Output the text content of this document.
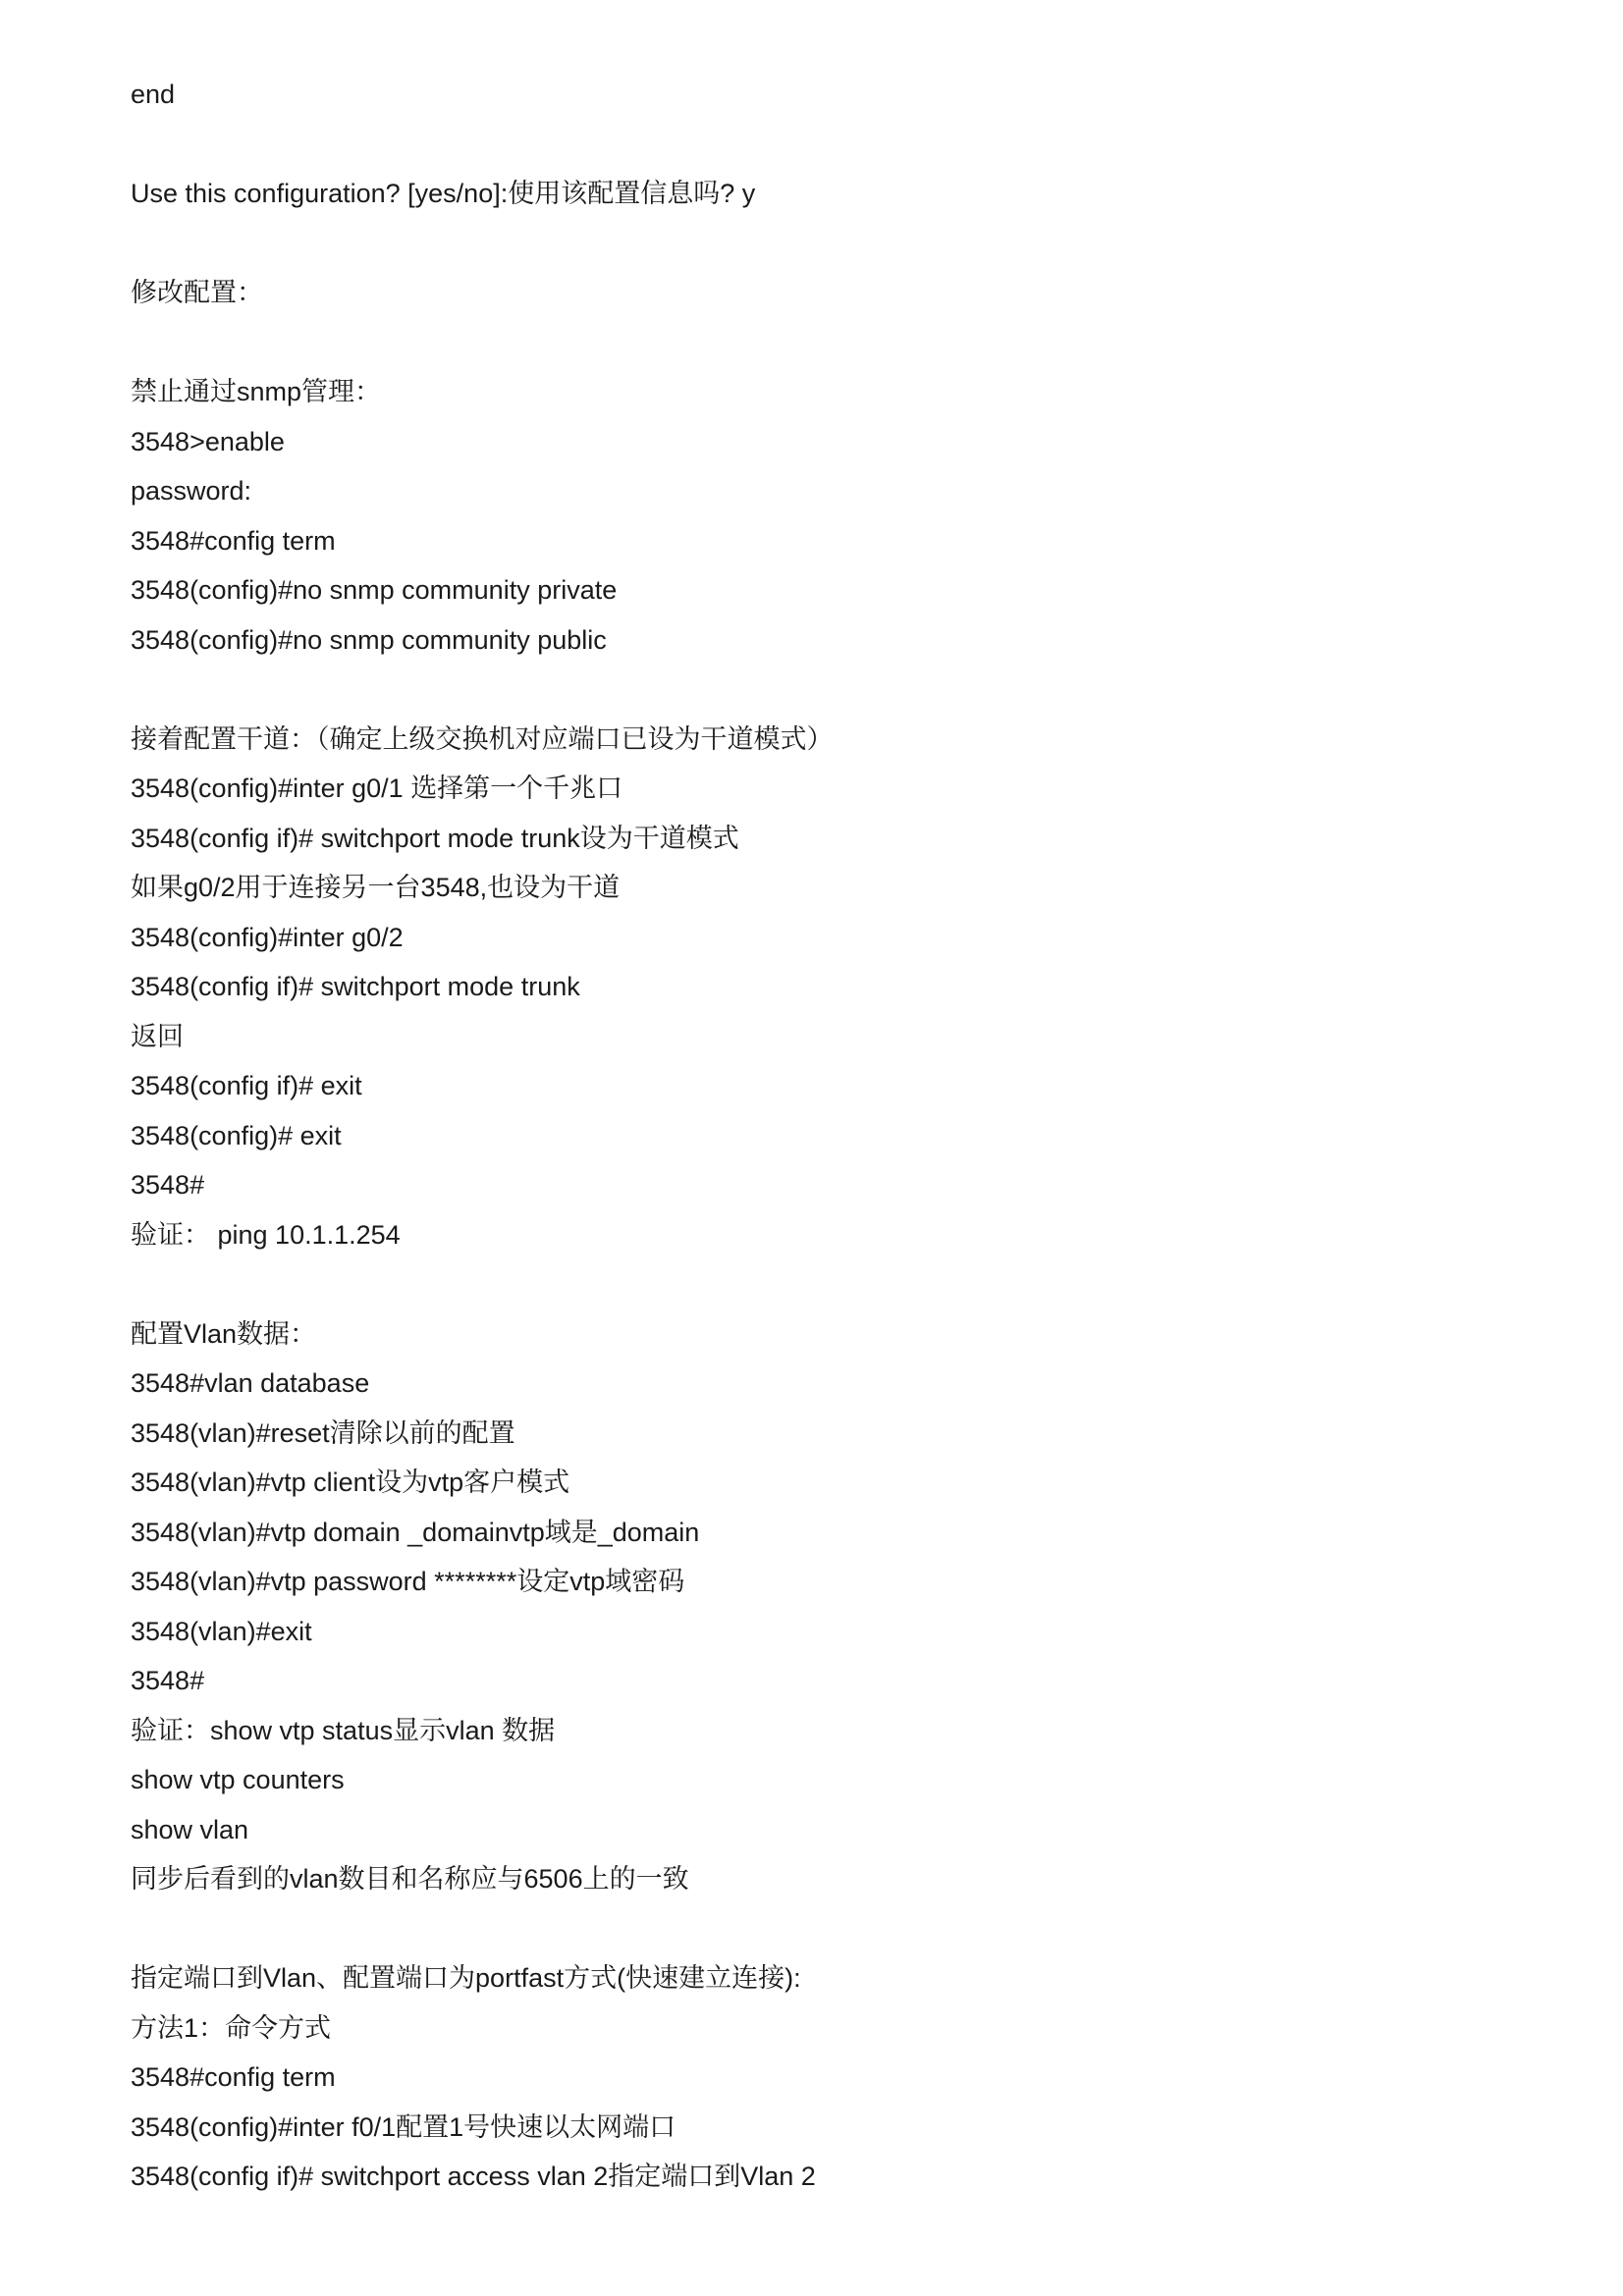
end
Use this configuration? [yes/no]:使用该配置信息吗? y
修改配置：
禁止通过snmp管理：
3548>enable
password:
3548#config term
3548(config)#no snmp community private
3548(config)#no snmp community public
接着配置干道：（确定上级交换机对应端口已设为干道模式）
3548(config)#inter g0/1 选择第一个千兆口
3548(config if)# switchport mode trunk设为干道模式
如果g0/2用于连接另一台3548,也设为干道
3548(config)#inter g0/2
3548(config if)# switchport mode trunk
返回
3548(config if)# exit
3548(config)# exit
3548#
验证： ping 10.1.1.254
配置Vlan数据：
3548#vlan database
3548(vlan)#reset清除以前的配置
3548(vlan)#vtp client设为vtp客户模式
3548(vlan)#vtp domain _domainvtp域是_domain
3548(vlan)#vtp password ********设定vtp域密码
3548(vlan)#exit
3548#
验证：show vtp status显示vlan 数据
show vtp counters
show vlan
同步后看到的vlan数目和名称应与6506上的一致
指定端口到Vlan、配置端口为portfast方式(快速建立连接):
方法1：命令方式
3548#config term
3548(config)#inter f0/1配置1号快速以太网端口
3548(config if)# switchport access vlan 2指定端口到Vlan 2
